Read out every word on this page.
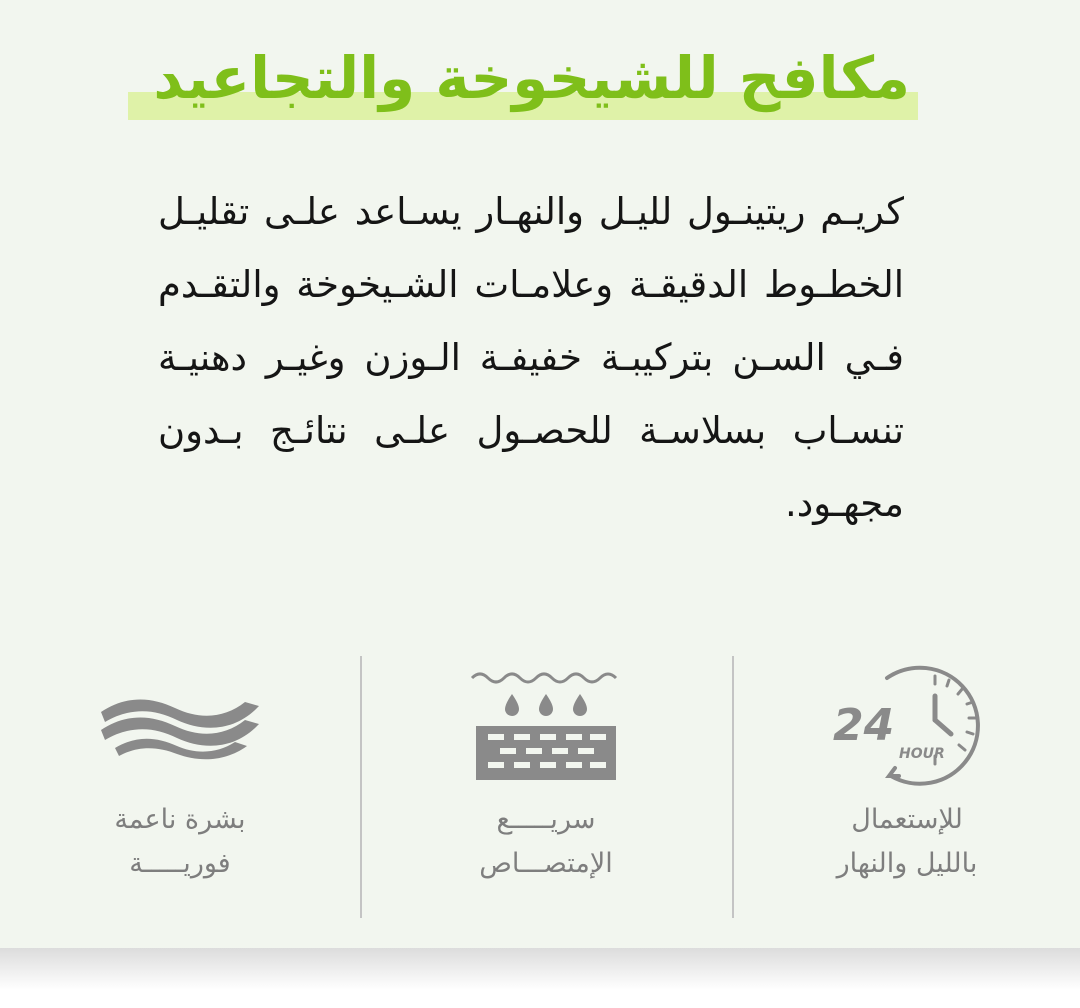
مكافح للشيخوخة والتجاعيد
كريـم ريتينـول لليـل والنهـار يسـاعد علـى تقليـل الخطـوط الدقيقـة وعلامـات الشـيخوخة والتقـدم فـي السـن بتركيبـة خفيفـة الـوزن وغيـر دهنيـة تنسـاب بسلاسـة للحصـول علـى نتائـج بـدون مجهـود.
24
HOUR
للإستعمال
بالليل والنهار
سريـــــع
الإمتصـــاص
بشرة ناعمة
فوريـــــة
